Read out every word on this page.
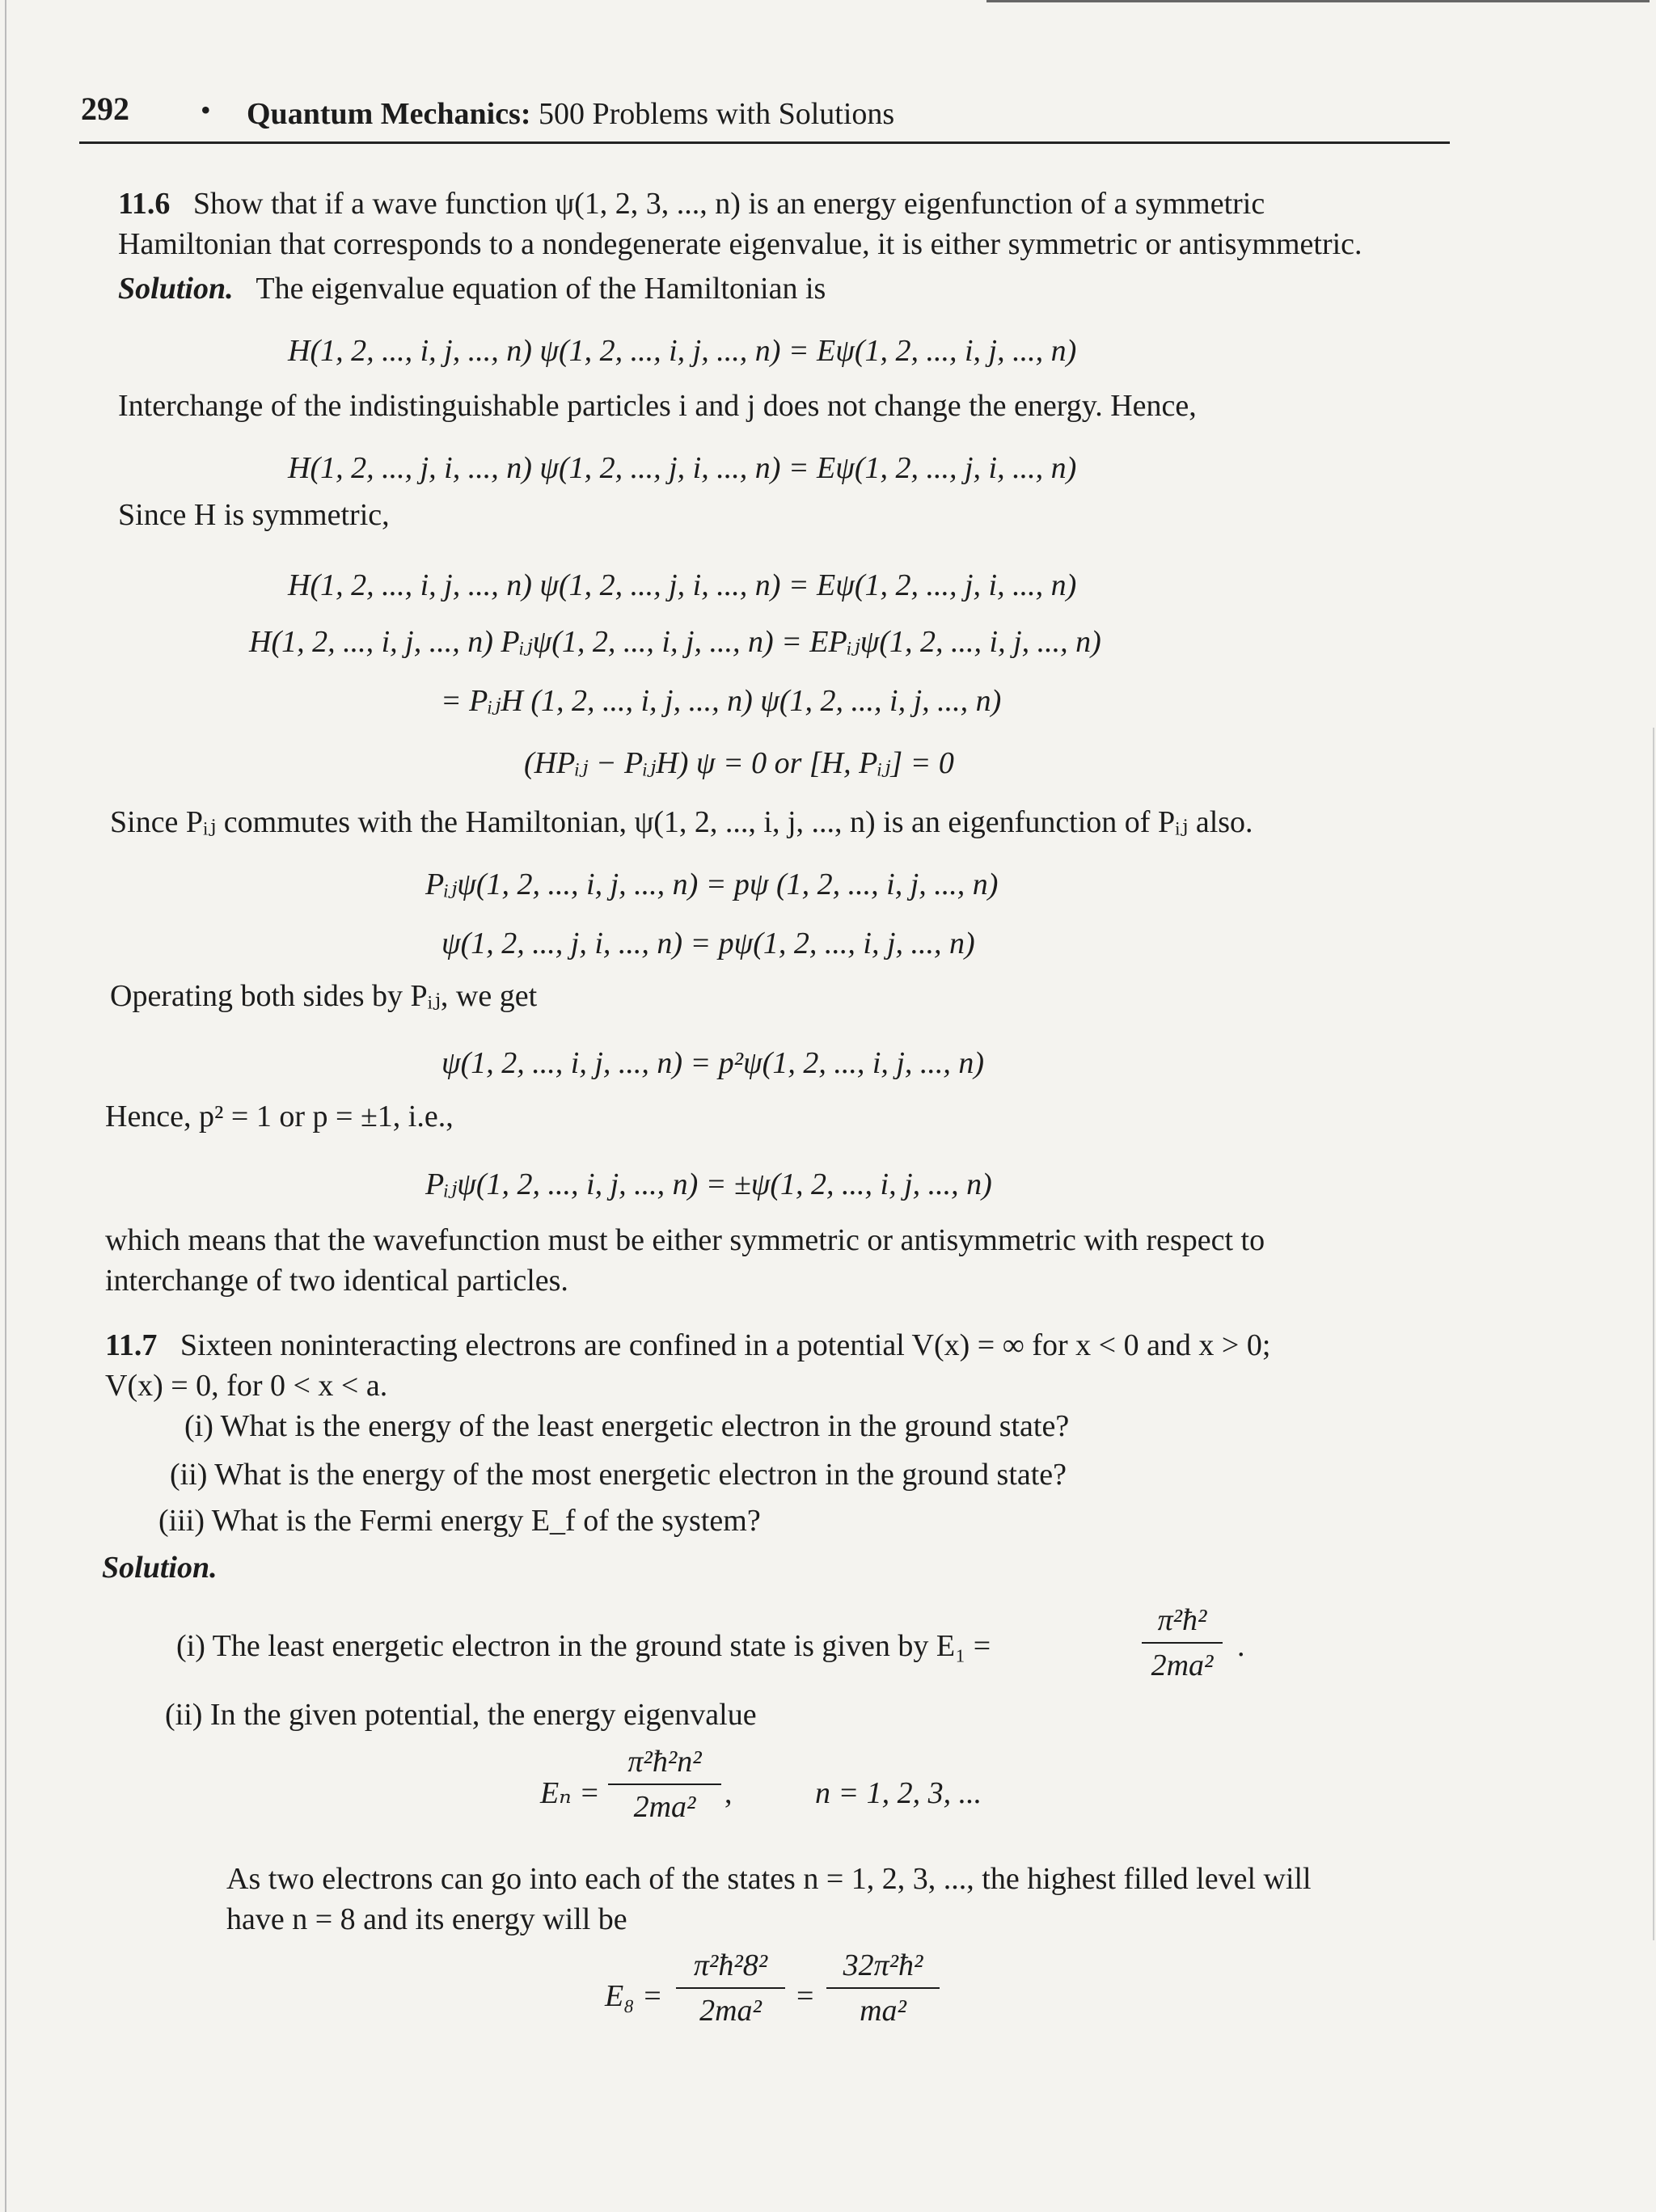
292 • Quantum Mechanics: 500 Problems with Solutions
11.6 Show that if a wave function ψ(1, 2, 3, ..., n) is an energy eigenfunction of a symmetric
Hamiltonian that corresponds to a nondegenerate eigenvalue, it is either symmetric or antisymmetric.
Solution. The eigenvalue equation of the Hamiltonian is
H(1, 2, ..., i, j, ..., n) ψ(1, 2, ..., i, j, ..., n) = Eψ(1, 2, ..., i, j, ..., n)
Interchange of the indistinguishable particles i and j does not change the energy. Hence,
H(1, 2, ..., j, i, ..., n) ψ(1, 2, ..., j, i, ..., n) = Eψ(1, 2, ..., j, i, ..., n)
Since H is symmetric,
H(1, 2, ..., i, j, ..., n) ψ(1, 2, ..., j, i, ..., n) = Eψ(1, 2, ..., j, i, ..., n)
H(1, 2, ..., i, j, ..., n) Pᵢⱼψ(1, 2, ..., i, j, ..., n) = EPᵢⱼψ(1, 2, ..., i, j, ..., n)
= PᵢⱼH (1, 2, ..., i, j, ..., n) ψ(1, 2, ..., i, j, ..., n)
(HPᵢⱼ − PᵢⱼH) ψ = 0 or [H, Pᵢⱼ] = 0
Since Pᵢⱼ commutes with the Hamiltonian, ψ(1, 2, ..., i, j, ..., n) is an eigenfunction of Pᵢⱼ also.
Pᵢⱼψ(1, 2, ..., i, j, ..., n) = pψ (1, 2, ..., i, j, ..., n)
ψ(1, 2, ..., j, i, ..., n) = pψ(1, 2, ..., i, j, ..., n)
Operating both sides by Pᵢⱼ, we get
ψ(1, 2, ..., i, j, ..., n) = p²ψ(1, 2, ..., i, j, ..., n)
Hence, p² = 1 or p = ±1, i.e.,
Pᵢⱼψ(1, 2, ..., i, j, ..., n) = ±ψ(1, 2, ..., i, j, ..., n)
which means that the wavefunction must be either symmetric or antisymmetric with respect to
interchange of two identical particles.
11.7 Sixteen noninteracting electrons are confined in a potential V(x) = ∞ for x < 0 and x > 0;
V(x) = 0, for 0 < x < a.
(i) What is the energy of the least energetic electron in the ground state?
(ii) What is the energy of the most energetic electron in the ground state?
(iii) What is the Fermi energy E_f of the system?
Solution.
(i) The least energetic electron in the ground state is given by E₁ =
π²ħ²
2ma²
.
(ii) In the given potential, the energy eigenvalue
Eₙ =
π²ħ²n²
2ma² ,	n = 1, 2, 3, ...
As two electrons can go into each of the states n = 1, 2, 3, ..., the highest filled level will
have n = 8 and its energy will be
E₈ =
π²ħ²8²
2ma²	=
32π²ħ²
ma²
